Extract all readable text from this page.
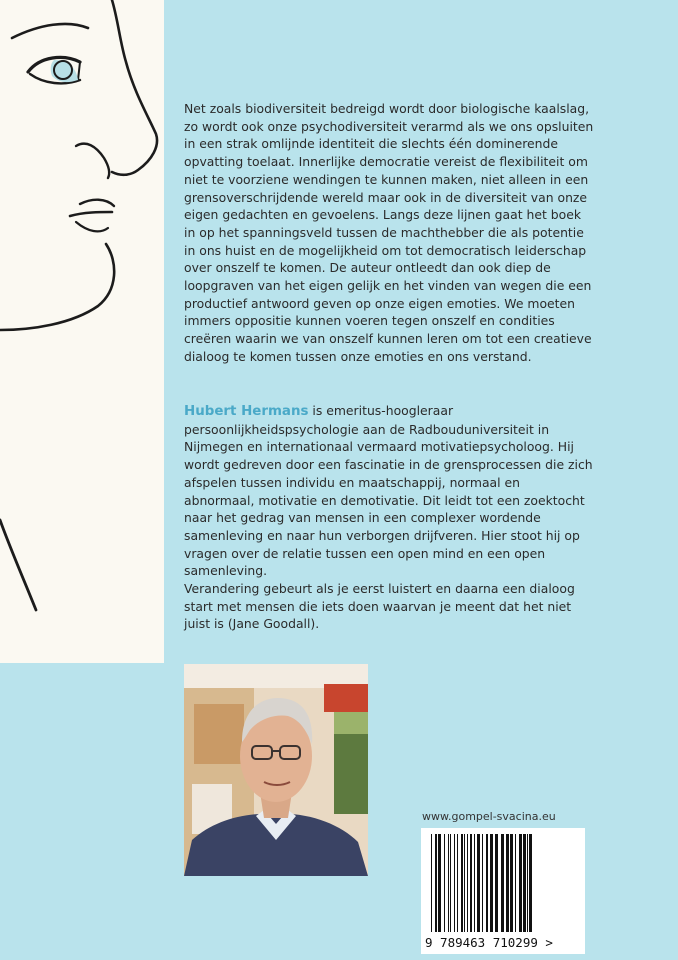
Net zoals biodiversiteit bedreigd wordt door biologische kaalslag, zo wordt ook onze psychodiversiteit verarmd als we ons opsluiten in een strak omlijnde identiteit die slechts één dominerende opvatting toelaat. Innerlijke democratie vereist de flexibiliteit om niet te voorziene wendingen te kunnen maken, niet alleen in een grensoverschrijdende wereld maar ook in de diversiteit van onze eigen gedachten en gevoelens. Langs deze lijnen gaat het boek in op het spanningsveld tussen de machthebber die als potentie in ons huist en de mogelijkheid om tot democratisch leiderschap over onszelf te komen. De auteur ontleedt dan ook diep de loopgraven van het eigen gelijk en het vinden van wegen die een productief antwoord geven op onze eigen emoties. We moeten immers oppositie kunnen voeren tegen onszelf en condities creëren waarin we van onszelf kunnen leren om tot een creatieve dialoog te komen tussen onze emoties en ons verstand.

Hubert Hermans is emeritus-hoogleraar persoonlijkheidspsychologie aan de Radbouduniversiteit in Nijmegen en internationaal vermaard motivatiepsycholoog. Hij wordt gedreven door een fascinatie in de grensprocessen die zich afspelen tussen individu en maatschappij, normaal en abnormaal, motivatie en demotivatie. Dit leidt tot een zoektocht naar het gedrag van mensen in een complexer wordende samenleving en naar hun verborgen drijfveren. Hier stoot hij op vragen over de relatie tussen een open mind en een open samenleving.
Verandering gebeurt als je eerst luistert en daarna een dialoog start met mensen die iets doen waarvan je meent dat het niet juist is (Jane Goodall).

www.gompel-svacina.eu
9 789463 710299 >
